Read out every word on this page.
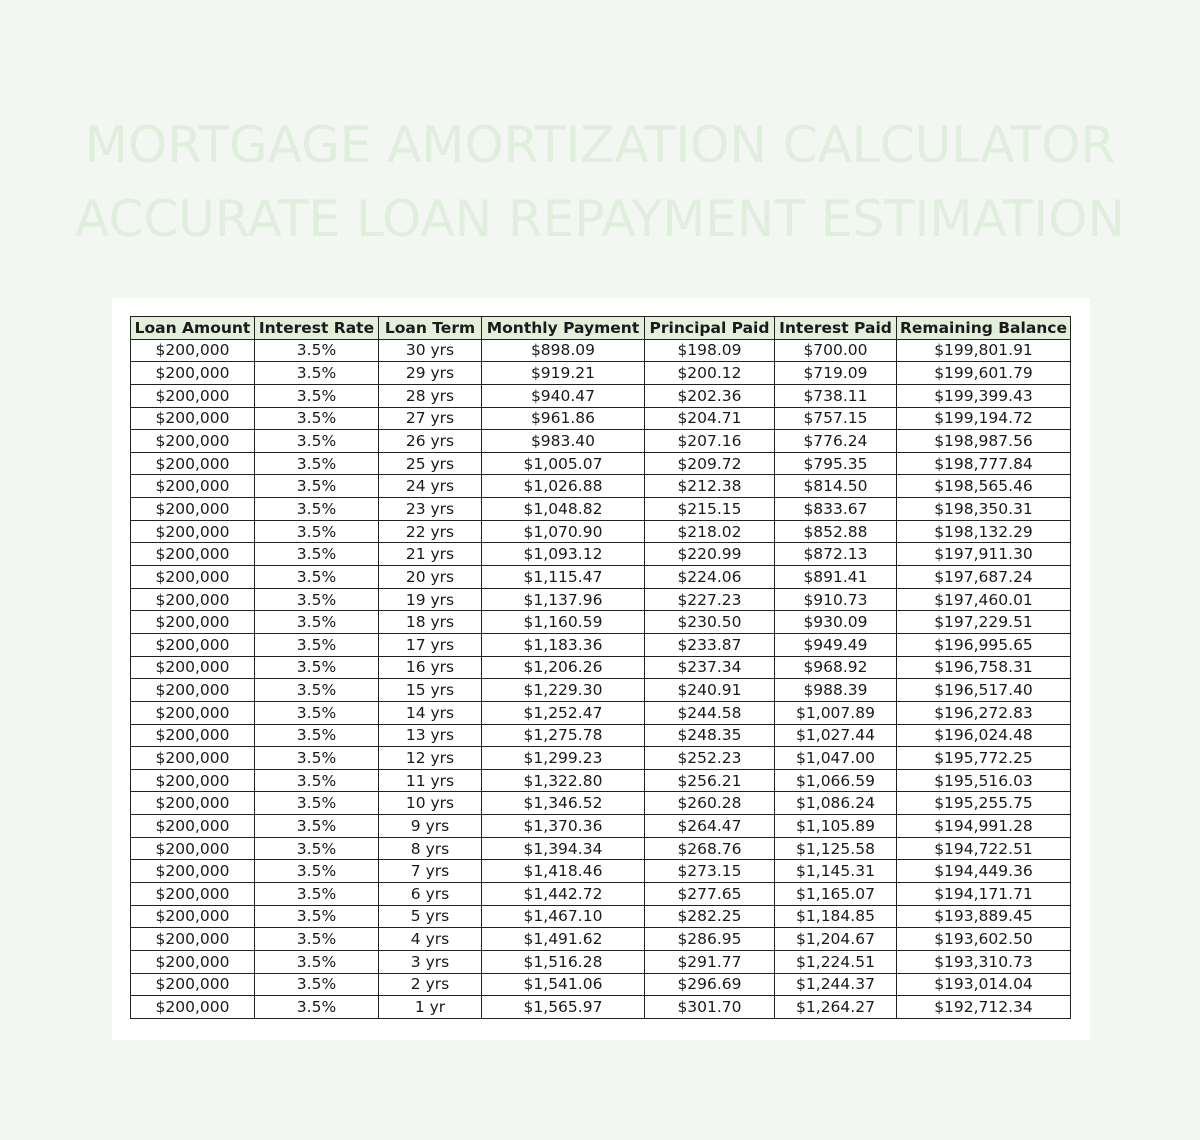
MORTGAGE AMORTIZATION CALCULATOR
ACCURATE LOAN REPAYMENT ESTIMATION
Loan Amount	Interest Rate	Loan Term	Monthly Payment	Principal Paid	Interest Paid	Remaining Balance
$200,000	3.5%	30 yrs	$898.09	$198.09	$700.00	$199,801.91
$200,000	3.5%	29 yrs	$919.21	$200.12	$719.09	$199,601.79
$200,000	3.5%	28 yrs	$940.47	$202.36	$738.11	$199,399.43
$200,000	3.5%	27 yrs	$961.86	$204.71	$757.15	$199,194.72
$200,000	3.5%	26 yrs	$983.40	$207.16	$776.24	$198,987.56
$200,000	3.5%	25 yrs	$1,005.07	$209.72	$795.35	$198,777.84
$200,000	3.5%	24 yrs	$1,026.88	$212.38	$814.50	$198,565.46
$200,000	3.5%	23 yrs	$1,048.82	$215.15	$833.67	$198,350.31
$200,000	3.5%	22 yrs	$1,070.90	$218.02	$852.88	$198,132.29
$200,000	3.5%	21 yrs	$1,093.12	$220.99	$872.13	$197,911.30
$200,000	3.5%	20 yrs	$1,115.47	$224.06	$891.41	$197,687.24
$200,000	3.5%	19 yrs	$1,137.96	$227.23	$910.73	$197,460.01
$200,000	3.5%	18 yrs	$1,160.59	$230.50	$930.09	$197,229.51
$200,000	3.5%	17 yrs	$1,183.36	$233.87	$949.49	$196,995.65
$200,000	3.5%	16 yrs	$1,206.26	$237.34	$968.92	$196,758.31
$200,000	3.5%	15 yrs	$1,229.30	$240.91	$988.39	$196,517.40
$200,000	3.5%	14 yrs	$1,252.47	$244.58	$1,007.89	$196,272.83
$200,000	3.5%	13 yrs	$1,275.78	$248.35	$1,027.44	$196,024.48
$200,000	3.5%	12 yrs	$1,299.23	$252.23	$1,047.00	$195,772.25
$200,000	3.5%	11 yrs	$1,322.80	$256.21	$1,066.59	$195,516.03
$200,000	3.5%	10 yrs	$1,346.52	$260.28	$1,086.24	$195,255.75
$200,000	3.5%	9 yrs	$1,370.36	$264.47	$1,105.89	$194,991.28
$200,000	3.5%	8 yrs	$1,394.34	$268.76	$1,125.58	$194,722.51
$200,000	3.5%	7 yrs	$1,418.46	$273.15	$1,145.31	$194,449.36
$200,000	3.5%	6 yrs	$1,442.72	$277.65	$1,165.07	$194,171.71
$200,000	3.5%	5 yrs	$1,467.10	$282.25	$1,184.85	$193,889.45
$200,000	3.5%	4 yrs	$1,491.62	$286.95	$1,204.67	$193,602.50
$200,000	3.5%	3 yrs	$1,516.28	$291.77	$1,224.51	$193,310.73
$200,000	3.5%	2 yrs	$1,541.06	$296.69	$1,244.37	$193,014.04
$200,000	3.5%	1 yr	$1,565.97	$301.70	$1,264.27	$192,712.34
